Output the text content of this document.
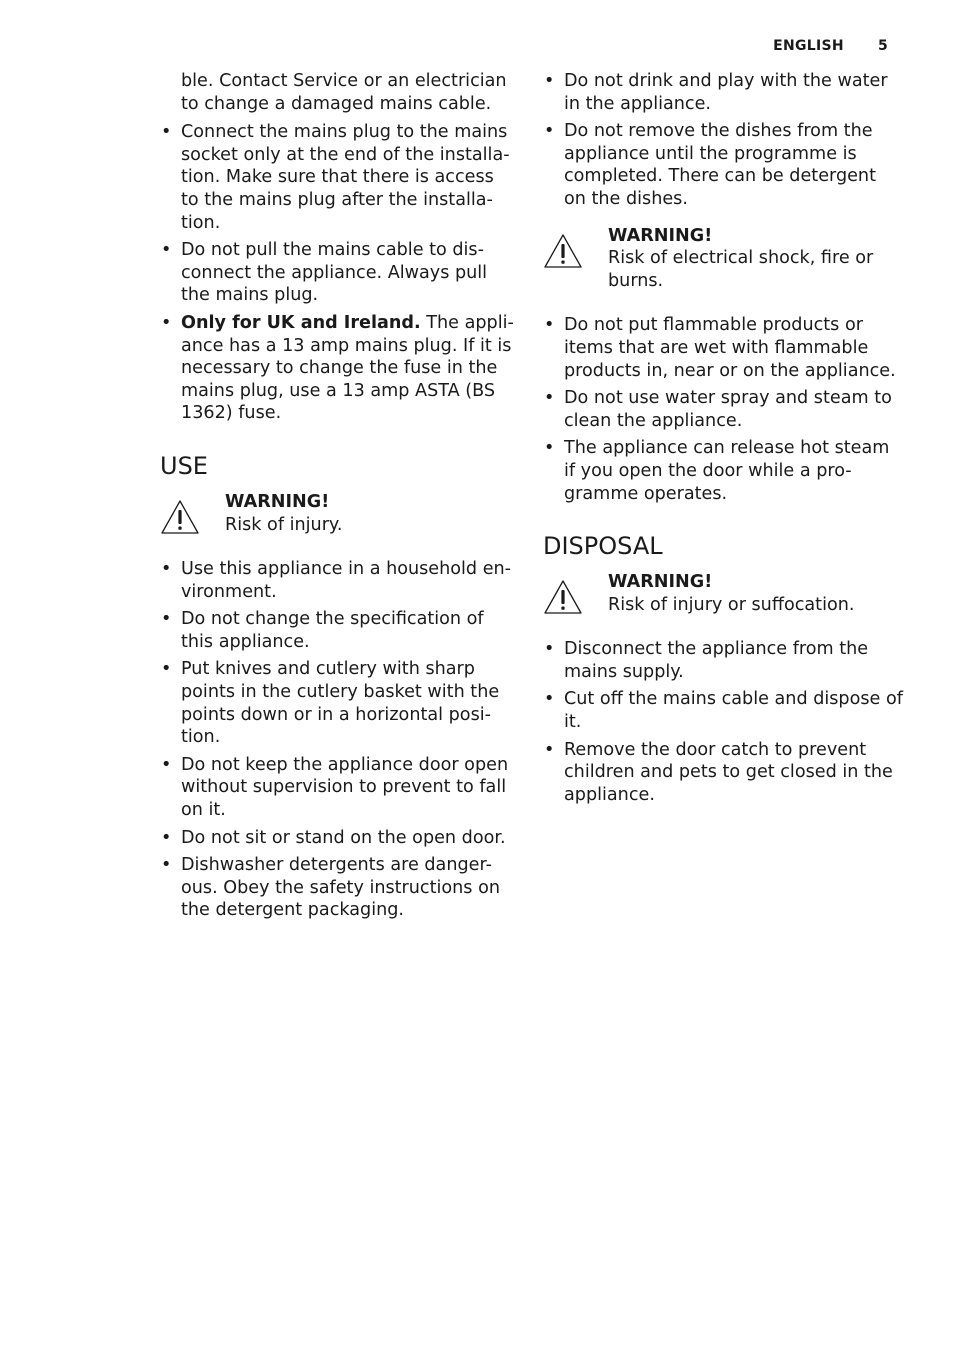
ENGLISH 5

ble. Contact Service or an electrician to change a damaged mains cable.

• Connect the mains plug to the mains socket only at the end of the installa-tion. Make sure that there is access to the mains plug after the installa-tion.
• Do not pull the mains cable to dis-connect the appliance. Always pull the mains plug.
• Only for UK and Ireland. The appli-ance has a 13 amp mains plug. If it is necessary to change the fuse in the mains plug, use a 13 amp ASTA (BS 1362) fuse.
USE
WARNING!
Risk of injury.
• Use this appliance in a household en-vironment.
• Do not change the specification of this appliance.
• Put knives and cutlery with sharp points in the cutlery basket with the points down or in a horizontal posi-tion.
• Do not keep the appliance door open without supervision to prevent to fall on it.
• Do not sit or stand on the open door.
• Dishwasher detergents are danger-ous. Obey the safety instructions on the detergent packaging.
• Do not drink and play with the water in the appliance.
• Do not remove the dishes from the appliance until the programme is completed. There can be detergent on the dishes.
WARNING!
Risk of electrical shock, fire or burns.
• Do not put flammable products or items that are wet with flammable products in, near or on the appliance.
• Do not use water spray and steam to clean the appliance.
• The appliance can release hot steam if you open the door while a pro-gramme operates.
DISPOSAL
WARNING!
Risk of injury or suffocation.
• Disconnect the appliance from the mains supply.
• Cut off the mains cable and dispose of it.
• Remove the door catch to prevent children and pets to get closed in the appliance.
